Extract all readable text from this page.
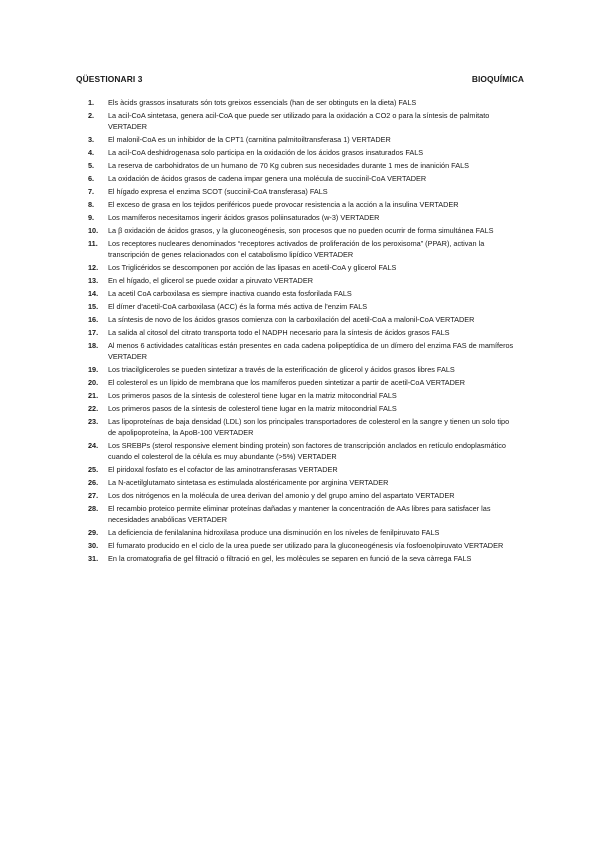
QÜESTIONARI 3	BIOQUÍMICA
1. Els àcids grassos insaturats són tots greixos essencials (han de ser obtinguts en la dieta) FALS
2. La acil-CoA sintetasa, genera acil-CoA que puede ser utilizado para la oxidación a CO2 o para la síntesis de palmitato VERTADER
3. El malonil-CoA es un inhibidor de la CPT1 (carnitina palmitoiltransferasa 1) VERTADER
4. La acil-CoA deshidrogenasa solo participa en la oxidación de los ácidos grasos insaturados FALS
5. La reserva de carbohidratos de un humano de 70 Kg cubren sus necesidades durante 1 mes de inanición FALS
6. La oxidación de ácidos grasos de cadena impar genera una molécula de succinil-CoA VERTADER
7. El hígado expresa el enzima SCOT (succinil-CoA transferasa) FALS
8. El exceso de grasa en los tejidos periféricos puede provocar resistencia a la acción a la insulina VERTADER
9. Los mamíferos necesitamos ingerir ácidos grasos poliinsaturados (w-3) VERTADER
10. La β oxidación de ácidos grasos, y la gluconeogénesis, son procesos que no pueden ocurrir de forma simultánea FALS
11. Los receptores nucleares denominados “receptores activados de proliferación de los peroxisoma” (PPAR), activan la transcripción de genes relacionados con el catabolismo lipídico VERTADER
12. Los Triglicéridos se descomponen por acción de las lipasas en acetil-CoA y glicerol FALS
13. En el hígado, el glicerol se puede oxidar a piruvato VERTADER
14. La acetil CoA carboxilasa es siempre inactiva cuando esta fosforilada FALS
15. El dímer d’acetil-CoA carboxilasa (ACC) és la forma més activa de l’enzim FALS
16. La síntesis de novo de los ácidos grasos comienza con la carboxilación del acetil-CoA a malonil-CoA VERTADER
17. La salida al citosol del citrato transporta todo el NADPH necesario para la síntesis de ácidos grasos FALS
18. Al menos 6 actividades catalíticas están presentes en cada cadena polipeptídica de un dímero del enzima FAS de mamíferos VERTADER
19. Los triacilgliceroles se pueden sintetizar a través de la esterificación de glicerol y ácidos grasos libres FALS
20. El colesterol es un lípido de membrana que los mamíferos pueden sintetizar a partir de acetil-CoA VERTADER
21. Los primeros pasos de la síntesis de colesterol tiene lugar en la matriz mitocondrial FALS
22. Los primeros pasos de la síntesis de colesterol tiene lugar en la matriz mitocondrial FALS
23. Las lipoproteínas de baja densidad (LDL) son los principales transportadores de colesterol en la sangre y tienen un solo tipo de apolipoproteína, la ApoB-100 VERTADER
24. Los SREBPs (sterol responsive element binding protein) son factores de transcripción anclados en retículo endoplasmático cuando el colesterol de la célula es muy abundante (>5%) VERTADER
25. El piridoxal fosfato es el cofactor de las aminotransferasas VERTADER
26. La N-acetilglutamato sintetasa es estimulada alostéricamente por arginina VERTADER
27. Los dos nitrógenos en la molécula de urea derivan del amonio y del grupo amino del aspartato VERTADER
28. El recambio proteico permite eliminar proteínas dañadas y mantener la concentración de AAs libres para satisfacer las necesidades anabólicas VERTADER
29. La deficiencia de fenilalanina hidroxilasa produce una disminución en los niveles de fenilpiruvato FALS
30. El fumarato producido en el ciclo de la urea puede ser utilizado para la gluconeogénesis vía fosfoenolpiruvato VERTADER
31. En la cromatografia de gel filtració o filtració en gel, les molècules se separen en funció de la seva càrrega FALS
